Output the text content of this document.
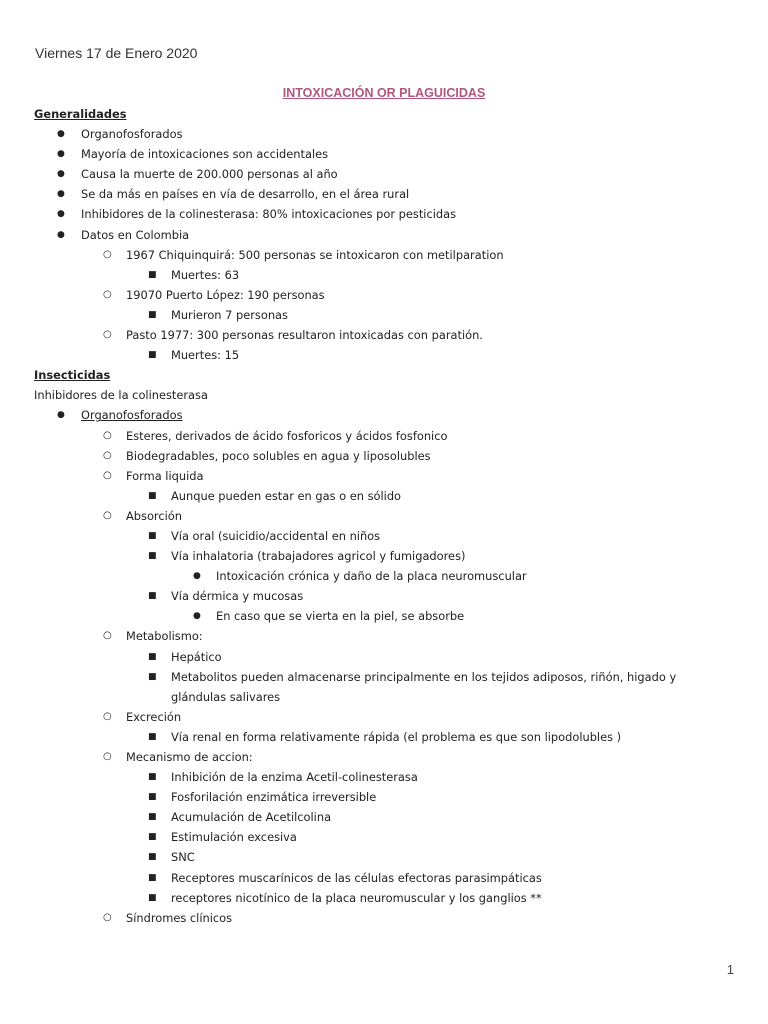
Viernes 17 de Enero 2020
INTOXICACIÓN OR PLAGUICIDAS
Generalidades
● Organofosforados
● Mayoría de intoxicaciones son accidentales
● Causa la muerte de 200.000 personas al año
● Se da más en países en vía de desarrollo, en el área rural
● Inhibidores de la colinesterasa: 80% intoxicaciones por pesticidas
● Datos en Colombia
○ 1967 Chiquinquirá: 500 personas se intoxicaron con metilparation
■ Muertes: 63
○ 19070 Puerto López: 190 personas
■ Murieron 7 personas
○ Pasto 1977: 300 personas resultaron intoxicadas con paratión.
■ Muertes: 15
Insecticidas
Inhibidores de la colinesterasa
● Organofosforados
○ Esteres, derivados de ácido fosforicos y ácidos fosfonico
○ Biodegradables, poco solubles en agua y liposolubles
○ Forma liquida
■ Aunque pueden estar en gas o en sólido
○ Absorción
■ Vía oral (suicidio/accidental en niños
■ Vía inhalatoria (trabajadores agricol y fumigadores)
● Intoxicación crónica y daño de la placa neuromuscular
■ Vía dérmica y mucosas
● En caso que se vierta en la piel, se absorbe
○ Metabolismo:
■ Hepático
■ Metabolitos pueden almacenarse principalmente en los tejidos adiposos, riñón, higado y glándulas salivares
○ Excreción
■ Vía renal en forma relativamente rápida (el problema es que son lipodolubles )
○ Mecanismo de accion:
■ Inhibición de la enzima Acetil-colinesterasa
■ Fosforilación enzimática irreversible
■ Acumulación de Acetilcolina
■ Estimulación excesiva
■ SNC
■ Receptores muscarínicos de las células efectoras parasimpáticas
■ receptores nicotínico de la placa neuromuscular y los ganglios **
○ Síndromes clínicos
1
